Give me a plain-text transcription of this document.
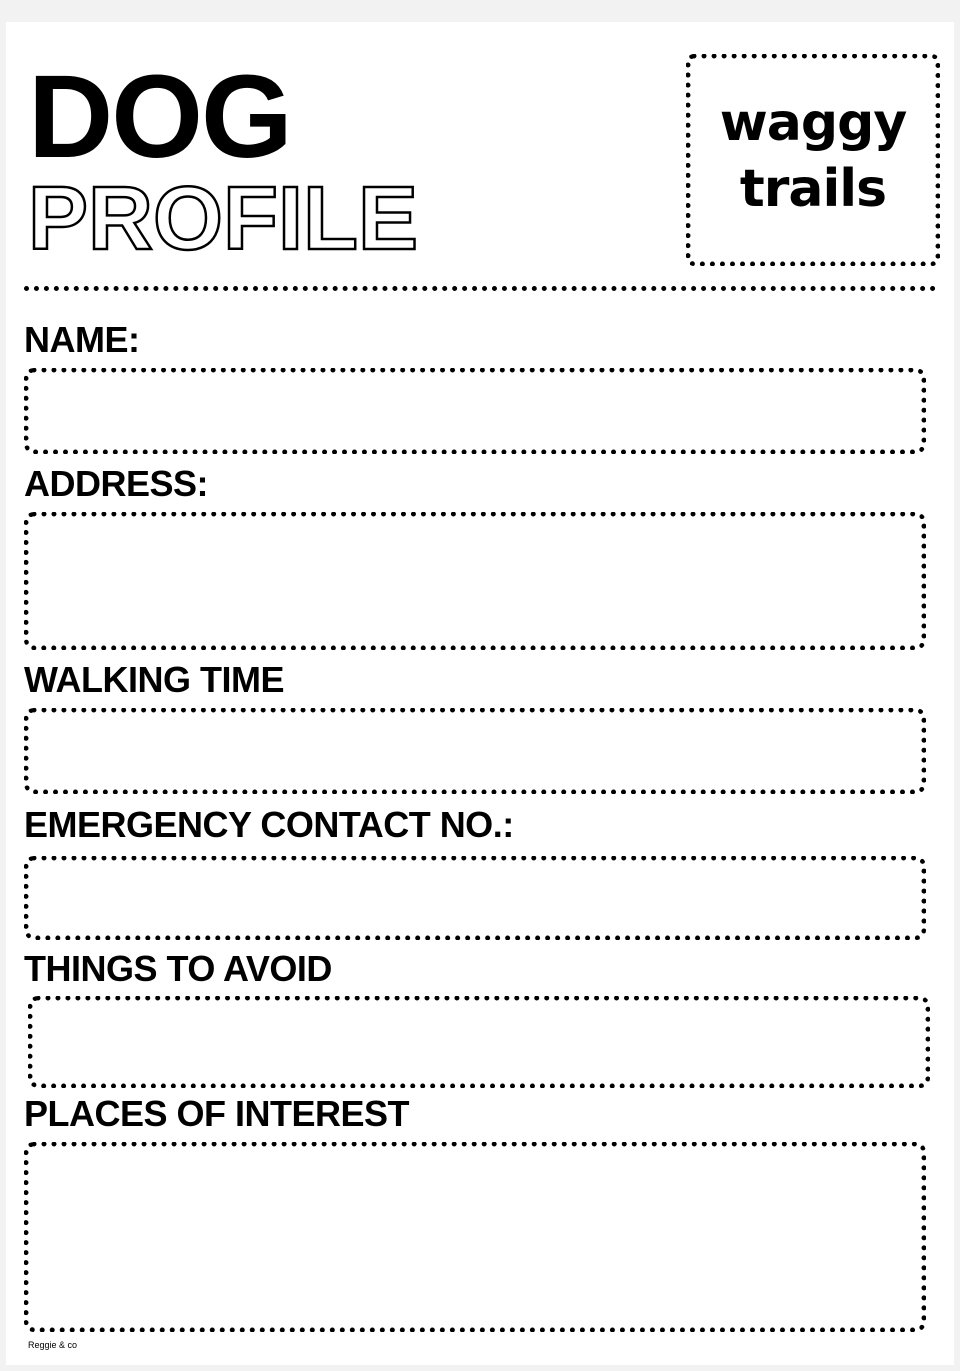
DOG
PROFILE
waggy
trails
NAME:
ADDRESS:
WALKING TIME
EMERGENCY CONTACT NO.:
THINGS TO AVOID
PLACES OF INTEREST
Reggie & co
